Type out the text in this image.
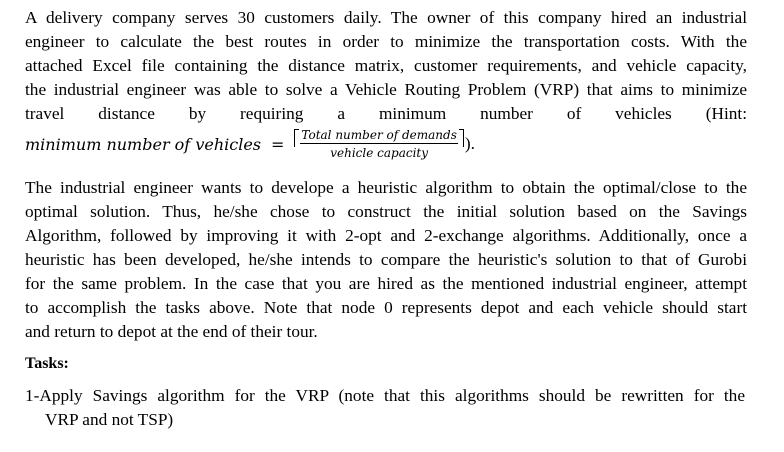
A delivery company serves 30 customers daily. The owner of this company hired an industrial
engineer to calculate the best routes in order to minimize the transportation costs. With the
attached Excel file containing the distance matrix, customer requirements, and vehicle capacity,
the industrial engineer was able to solve a Vehicle Routing Problem (VRP) that aims to minimize
travel distance by requiring a minimum number of vehicles (Hint:
minimum number of vehicles = $\frac{\text{Total number of demands}}{\text{vehicle capacity}}$ ).
The industrial engineer wants to develope a heuristic algorithm to obtain the optimal/close to the
optimal solution. Thus, he/she chose to construct the initial solution based on the Savings
Algorithm, followed by improving it with 2-opt and 2-exchange algorithms. Additionally, once a
heuristic has been developed, he/she intends to compare the heuristic's solution to that of Gurobi
for the same problem. In the case that you are hired as the mentioned industrial engineer, attempt
to accomplish the tasks above. Note that node 0 represents depot and each vehicle should start
and return to depot at the end of their tour.
Tasks:
1-Apply Savings algorithm for the VRP (note that this algorithms should be rewritten for the
VRP and not TSP)
